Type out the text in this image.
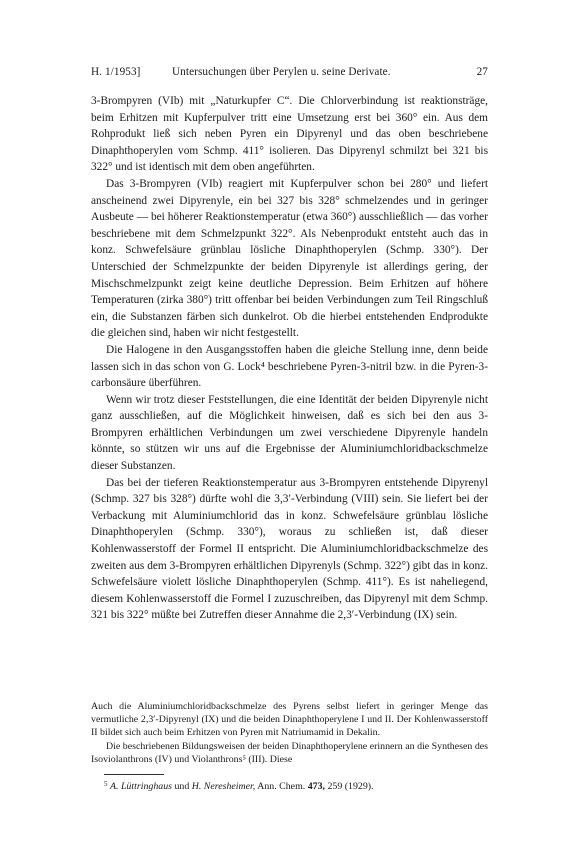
H. 1/1953]	Untersuchungen über Perylen u. seine Derivate.	27

3-Brompyren (VIb) mit „Naturkupfer C“. Die Chlorverbindung ist reaktionsträge, beim Erhitzen mit Kupferpulver tritt eine Umsetzung erst bei 360° ein. Aus dem Rohprodukt ließ sich neben Pyren ein Dipyrenyl und das oben beschriebene Dinaphthoperylen vom Schmp. 411° isolieren. Das Dipyrenyl schmilzt bei 321 bis 322° und ist identisch mit dem oben angeführten.

Das 3-Brompyren (VIb) reagiert mit Kupferpulver schon bei 280° und liefert anscheinend zwei Dipyrenyle, ein bei 327 bis 328° schmelzendes und in geringer Ausbeute — bei höherer Reaktionstemperatur (etwa 360°) ausschließlich — das vorher beschriebene mit dem Schmelzpunkt 322°. Als Nebenprodukt entsteht auch das in konz. Schwefelsäure grünblau lösliche Dinaphthoperylen (Schmp. 330°). Der Unterschied der Schmelzpunkte der beiden Dipyrenyle ist allerdings gering, der Mischschmelzpunkt zeigt keine deutliche Depression. Beim Erhitzen auf höhere Temperaturen (zirka 380°) tritt offenbar bei beiden Verbindungen zum Teil Ringschluß ein, die Substanzen färben sich dunkelrot. Ob die hierbei entstehenden Endprodukte die gleichen sind, haben wir nicht festgestellt.

Die Halogene in den Ausgangsstoffen haben die gleiche Stellung inne, denn beide lassen sich in das schon von G. Lock⁴ beschriebene Pyren-3-nitril bzw. in die Pyren-3-carbonsäure überführen.

Wenn wir trotz dieser Feststellungen, die eine Identität der beiden Dipyrenyle nicht ganz ausschließen, auf die Möglichkeit hinweisen, daß es sich bei den aus 3-Brompyren erhältlichen Verbindungen um zwei verschiedene Dipyrenyle handeln könnte, so stützen wir uns auf die Ergebnisse der Aluminiumchloridbackschmelze dieser Substanzen.

Das bei der tieferen Reaktionstemperatur aus 3-Brompyren entstehende Dipyrenyl (Schmp. 327 bis 328°) dürfte wohl die 3,3′-Verbindung (VIII) sein. Sie liefert bei der Verbackung mit Aluminiumchlorid das in konz. Schwefelsäure grünblau lösliche Dinaphthoperylen (Schmp. 330°), woraus zu schließen ist, daß dieser Kohlenwasserstoff der Formel II entspricht. Die Aluminiumchloridbackschmelze des zweiten aus dem 3-Brompyren erhältlichen Dipyrenyls (Schmp. 322°) gibt das in konz. Schwefelsäure violett lösliche Dinaphthoperylen (Schmp. 411°). Es ist naheliegend, diesem Kohlenwasserstoff die Formel I zuzuschreiben, das Dipyrenyl mit dem Schmp. 321 bis 322° müßte bei Zutreffen dieser Annahme die 2,3′-Verbindung (IX) sein.

Auch die Aluminiumchloridbackschmelze des Pyrens selbst liefert in geringer Menge das vermutliche 2,3′-Dipyrenyl (IX) und die beiden Dinaphthoperylene I und II. Der Kohlenwasserstoff II bildet sich auch beim Erhitzen von Pyren mit Natriumamid in Dekalin.

Die beschriebenen Bildungsweisen der beiden Dinaphthoperylene erinnern an die Synthesen des Isoviolanthrons (IV) und Violanthrons⁵ (III). Diese

$^5$ A. Lüttringhaus und H. Neresheimer, Ann. Chem. 473, 259 (1929).
